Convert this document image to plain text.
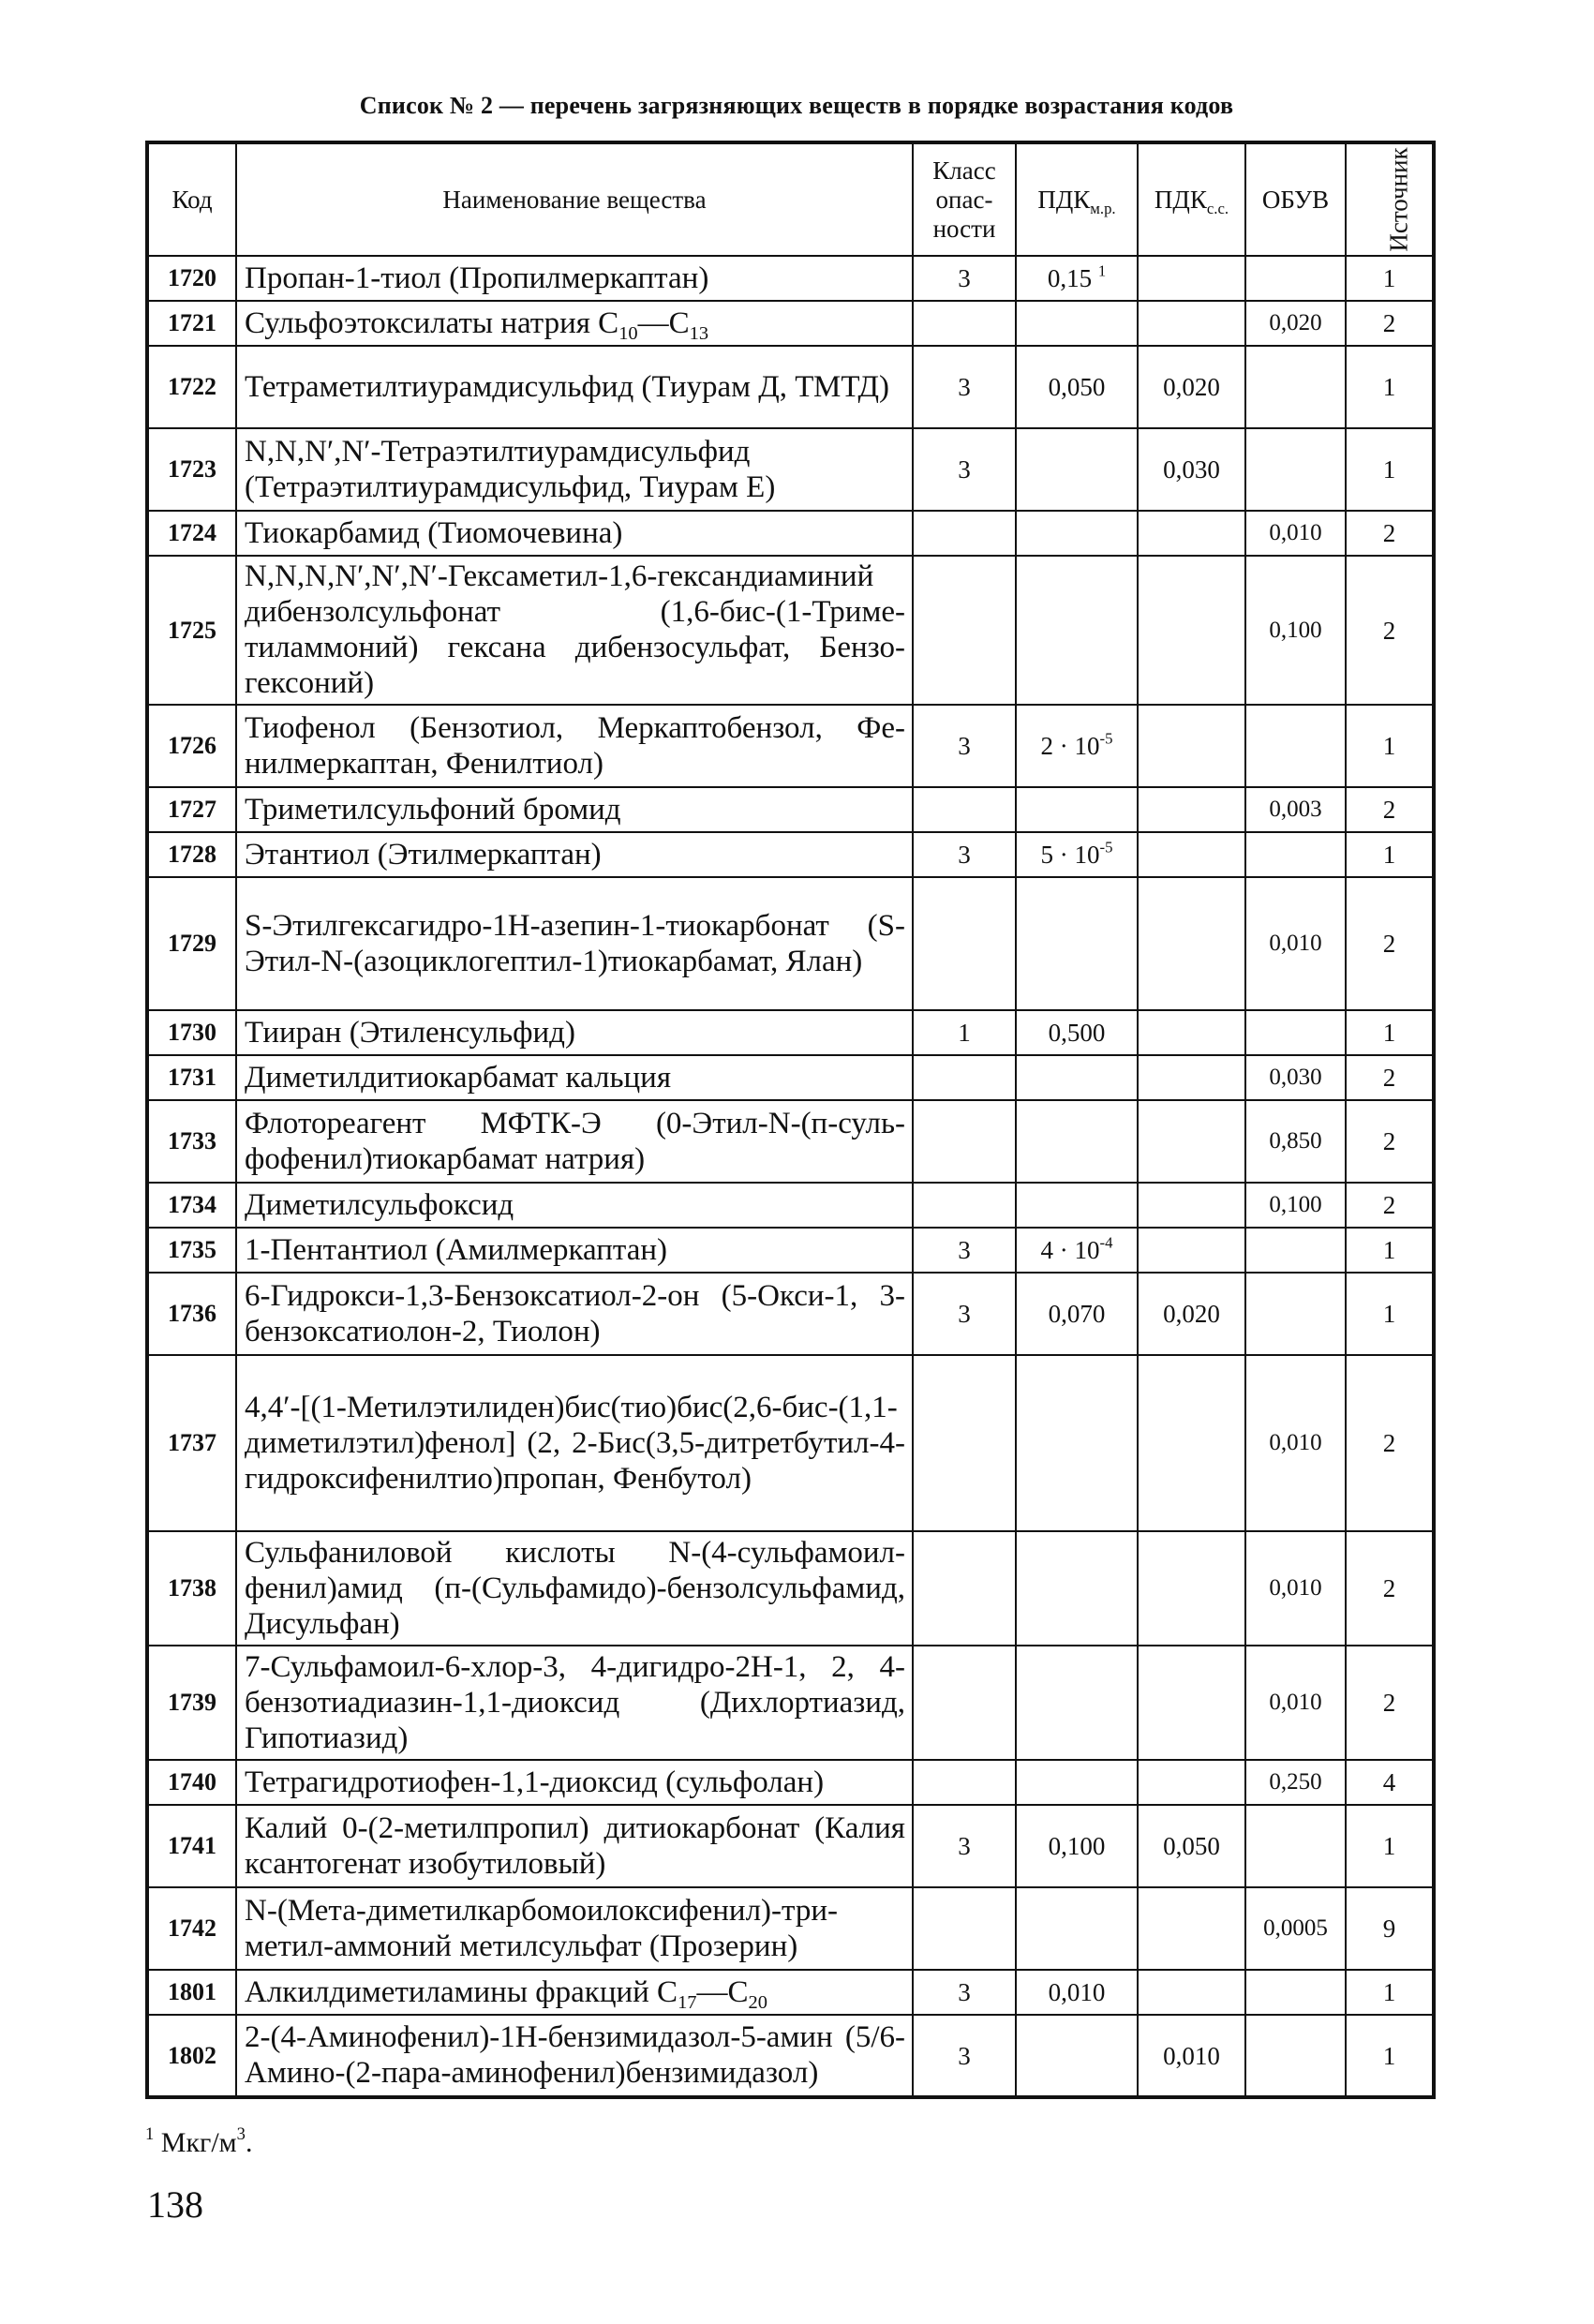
Список № 2 — перечень загрязняющих веществ в порядке возрастания кодов
Код	Наименование вещества	Класс опасности	$ПДК_{м.р.}$	$ПДК_{с.с.}$	ОБУВ	Источник
1720	Пропан-1-тиол (Пропилмеркаптан)	3	0,15 $^1$			1
1721	Сульфоэтоксилаты натрия $C_{10}—C_{13}$				0,020	2
1722	Тетраметилтиурамдисульфид (Тиурам Д, ТМТД)	3	0,050	0,020		1
1723	N,N,N′,N′-Тетраэтилтиурамдисульфид (Тетраэтилтиурамдисульфид, Тиурам Е)	3		0,030		1
1724	Тиокарбамид (Тиомочевина)				0,010	2
1725	N,N,N,N′,N′,N′-Гексаметил-1,6-гександиаминий дибензолсульфонат (1,6-бис-(1-Триметиламмоний) гексана дибензосульфат, Бензогексоний)				0,100	2
1726	Тиофенол (Бензотиол, Меркаптобензол, Фенилмеркаптан, Фенилтиол)	3	$2 \cdot 10^{-5}$			1
1727	Триметилсульфоний бромид				0,003	2
1728	Этантиол (Этилмеркаптан)	3	$5 \cdot 10^{-5}$			1
1729	S-Этилгексагидро-1H-азепин-1-тиокарбонат (S-Этил-N-(азоциклогептил-1)тиокарбамат, Ялан)				0,010	2
1730	Тииран (Этиленсульфид)	1	0,500			1
1731	Диметилдитиокарбамат кальция				0,030	2
1733	Флотореагент МФТК-Э (0-Этил-N-(п-сульфофенил)тиокарбамат натрия)				0,850	2
1734	Диметилсульфоксид				0,100	2
1735	1-Пентантиол (Амилмеркаптан)	3	$4 \cdot 10^{-4}$			1
1736	6-Гидрокси-1,3-Бензоксатиол-2-он (5-Окси-1, 3-бензоксатиолон-2, Тиолон)	3	0,070	0,020		1
1737	4,4′-[(1-Метилэтилиден)бис(тио)бис(2,6-бис-(1,1-диметилэтил)фенол] (2, 2-Бис(3,5-дитретбутил-4-гидроксифенилтио)пропан, Фенбутол)				0,010	2
1738	Сульфаниловой кислоты N-(4-сульфамоилфенил)амид (п-(Сульфамидо)-бензолсульфамид, Дисульфан)				0,010	2
1739	7-Сульфамоил-6-хлор-3, 4-дигидро-2H-1, 2, 4-бензотиадиазин-1,1-диоксид (Дихлортиазид, Гипотиазид)				0,010	2
1740	Тетрагидротиофен-1,1-диоксид (сульфолан)				0,250	4
1741	Калий 0-(2-метилпропил) дитиокарбонат (Калия ксантогенат изобутиловый)	3	0,100	0,050		1
1742	N-(Мета-диметилкарбомоилоксифенил)-триметил-аммоний метилсульфат (Прозерин)				0,0005	9
1801	Алкилдиметиламины фракций $C_{17}—C_{20}$	3	0,010			1
1802	2-(4-Аминофенил)-1H-бензимидазол-5-амин (5/6-Амино-(2-пара-аминофенил)бензимидазол)	3		0,010		1
$^1$ Мкг/$м^3$.
138
